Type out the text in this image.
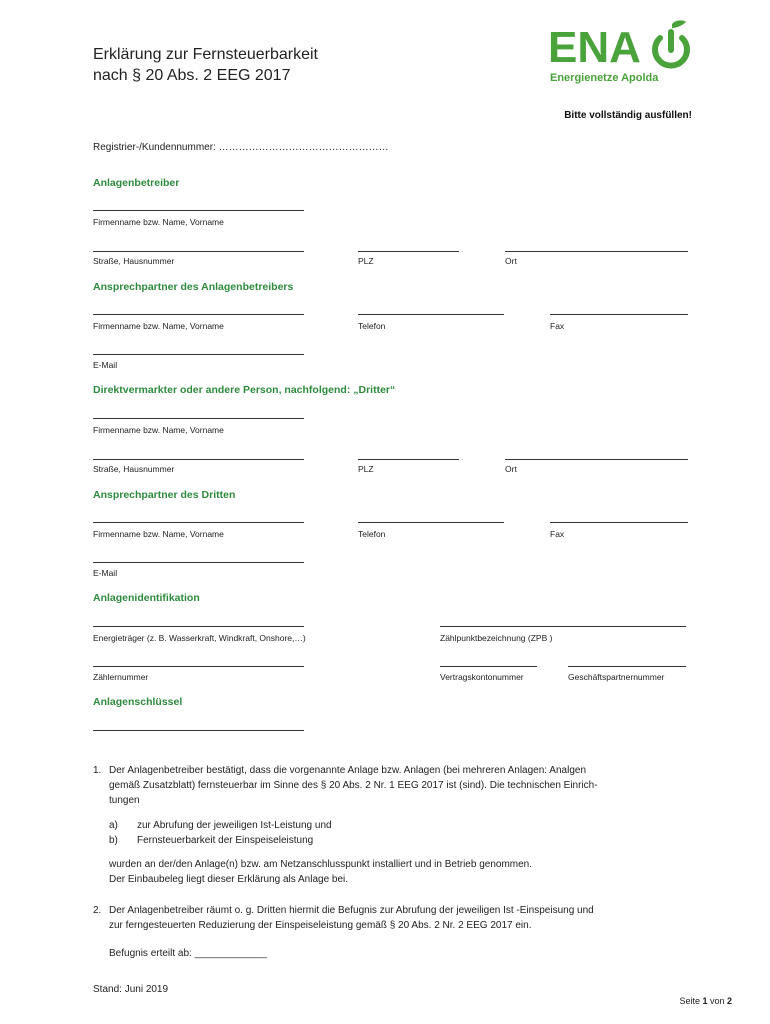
Erklärung zur Fernsteuerbarkeit
nach § 20 Abs. 2 EEG 2017
ENA
Energienetze Apolda
Bitte vollständig ausfüllen!
Registrier-/Kundennummer: ……………………………………………
Anlagenbetreiber
Firmenname bzw. Name, Vorname
Straße, Hausnummer	PLZ	Ort
Ansprechpartner des Anlagenbetreibers
Firmenname bzw. Name, Vorname	Telefon	Fax
E-Mail
Direktvermarkter oder andere Person, nachfolgend: „Dritter“
Firmenname bzw. Name, Vorname
Straße, Hausnummer	PLZ	Ort
Ansprechpartner des Dritten
Firmenname bzw. Name, Vorname	Telefon	Fax
E-Mail
Anlagenidentifikation
Energieträger (z. B. Wasserkraft, Windkraft, Onshore,…)	Zählpunktbezeichnung (ZPB )
Zählernummer	Vertragskontonummer	Geschäftspartnernummer
Anlagenschlüssel
1. Der Anlagenbetreiber bestätigt, dass die vorgenannte Anlage bzw. Anlagen (bei mehreren Anlagen: Analgen
gemäß Zusatzblatt) fernsteuerbar im Sinne des § 20 Abs. 2 Nr. 1 EEG 2017 ist (sind). Die technischen Einrich-
tungen
a) zur Abrufung der jeweiligen Ist-Leistung und
b) Fernsteuerbarkeit der Einspeiseleistung
wurden an der/den Anlage(n) bzw. am Netzanschlusspunkt installiert und in Betrieb genommen.
Der Einbaubeleg liegt dieser Erklärung als Anlage bei.
2. Der Anlagenbetreiber räumt o. g. Dritten hiermit die Befugnis zur Abrufung der jeweiligen Ist -Einspeisung und
zur ferngesteuerten Reduzierung der Einspeiseleistung gemäß § 20 Abs. 2 Nr. 2 EEG 2017 ein.
Befugnis erteilt ab: _____________
Stand: Juni 2019
Seite 1 von 2
